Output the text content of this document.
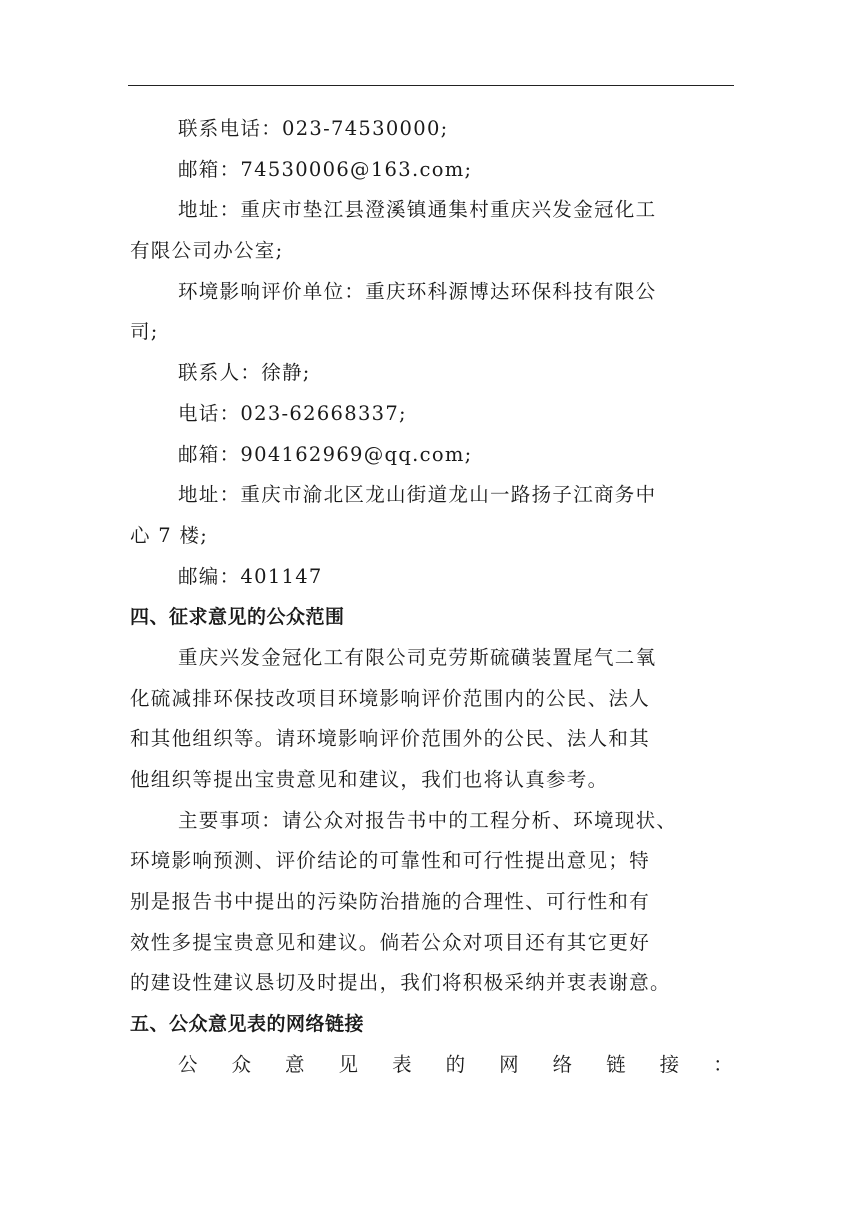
联系电话：023-74530000;
邮箱：74530006@163.com;
地址：重庆市垫江县澄溪镇通集村重庆兴发金冠化工
有限公司办公室;
环境影响评价单位：重庆环科源博达环保科技有限公
司;
联系人：徐静;
电话：023-62668337;
邮箱：904162969@qq.com;
地址：重庆市渝北区龙山街道龙山一路扬子江商务中
心 7 楼;
邮编：401147
四、征求意见的公众范围
重庆兴发金冠化工有限公司克劳斯硫磺装置尾气二氧
化硫减排环保技改项目环境影响评价范围内的公民、法人
和其他组织等。请环境影响评价范围外的公民、法人和其
他组织等提出宝贵意见和建议，我们也将认真参考。
主要事项：请公众对报告书中的工程分析、环境现状、
环境影响预测、评价结论的可靠性和可行性提出意见；特
别是报告书中提出的污染防治措施的合理性、可行性和有
效性多提宝贵意见和建议。倘若公众对项目还有其它更好
的建设性建议恳切及时提出，我们将积极采纳并衷表谢意。
五、公众意见表的网络链接
公众意见表的网络链接：
